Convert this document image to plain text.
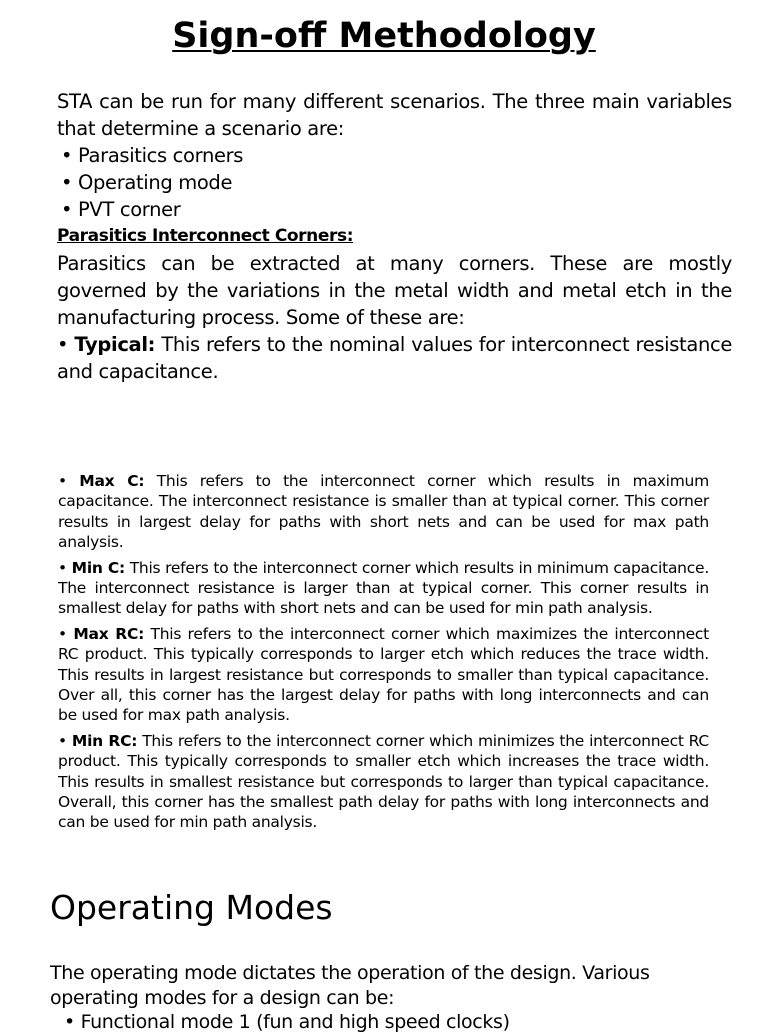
Sign-off Methodology

STA can be run for many different scenarios. The three main variables that determine a scenario are:

• Parasitics corners
• Operating mode
• PVT corner
Parasitics Interconnect Corners:

Parasitics can be extracted at many corners. These are mostly governed by the variations in the metal width and metal etch in the manufacturing process. Some of these are:

• Typical: This refers to the nominal values for interconnect resistance and capacitance.

• Max C: This refers to the interconnect corner which results in maximum capacitance. The interconnect resistance is smaller than at typical corner. This corner results in largest delay for paths with short nets and can be used for max path analysis.

• Min C: This refers to the interconnect corner which results in minimum capacitance. The interconnect resistance is larger than at typical corner. This corner results in smallest delay for paths with short nets and can be used for min path analysis.

• Max RC: This refers to the interconnect corner which maximizes the interconnect RC product. This typically corresponds to larger etch which reduces the trace width. This results in largest resistance but corresponds to smaller than typical capacitance. Over all, this corner has the largest delay for paths with long interconnects and can be used for max path analysis.

• Min RC: This refers to the interconnect corner which minimizes the interconnect RC product. This typically corresponds to smaller etch which increases the trace width. This results in smallest resistance but corresponds to larger than typical capacitance. Overall, this corner has the smallest path delay for paths with long interconnects and can be used for min path analysis.

Operating Modes

The operating mode dictates the operation of the design. Various operating modes for a design can be:

• Functional mode 1 (fun and high speed clocks)
